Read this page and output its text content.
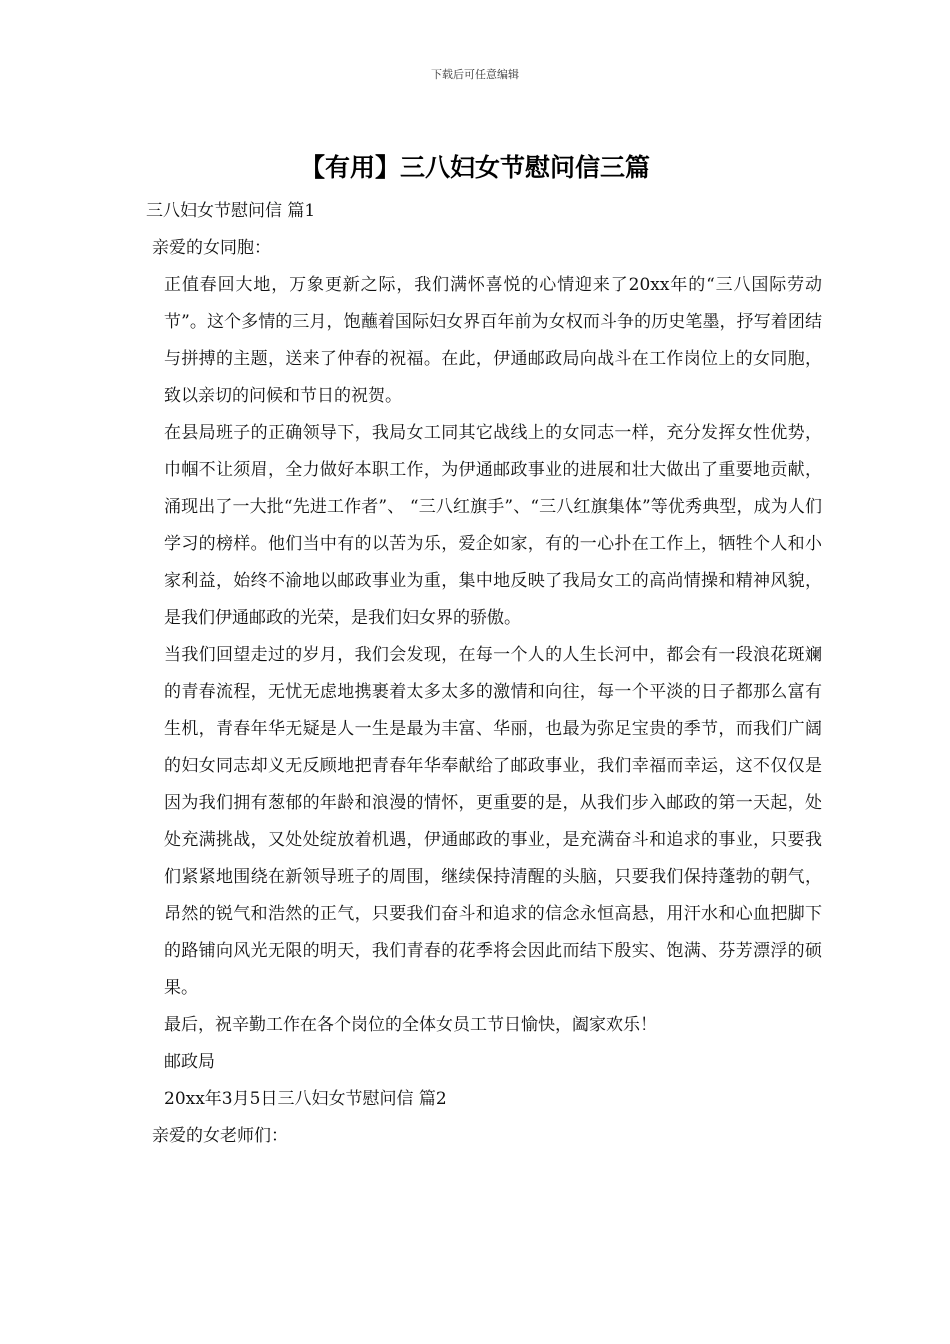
下载后可任意编辑
【有用】三八妇女节慰问信三篇

三八妇女节慰问信 篇1

亲爱的女同胞：

正值春回大地，万象更新之际，我们满怀喜悦的心情迎来了20xx年的“三八国际劳动节”。这个多情的三月，饱蘸着国际妇女界百年前为女权而斗争的历史笔墨，抒写着团结与拼搏的主题，送来了仲春的祝福。在此，伊通邮政局向战斗在工作岗位上的女同胞，致以亲切的问候和节日的祝贺。

在县局班子的正确领导下，我局女工同其它战线上的女同志一样，充分发挥女性优势，巾帼不让须眉，全力做好本职工作，为伊通邮政事业的进展和壮大做出了重要地贡献，涌现出了一大批“先进工作者”、 “三八红旗手”、“三八红旗集体”等优秀典型，成为人们学习的榜样。他们当中有的以苦为乐，爱企如家，有的一心扑在工作上，牺牲个人和小家利益，始终不渝地以邮政事业为重，集中地反映了我局女工的高尚情操和精神风貌，是我们伊通邮政的光荣，是我们妇女界的骄傲。

当我们回望走过的岁月，我们会发现，在每一个人的人生长河中，都会有一段浪花斑斓的青春流程，无忧无虑地携裹着太多太多的激情和向往，每一个平淡的日子都那么富有生机，青春年华无疑是人一生是最为丰富、华丽，也最为弥足宝贵的季节，而我们广阔的妇女同志却义无反顾地把青春年华奉献给了邮政事业，我们幸福而幸运，这不仅仅是因为我们拥有葱郁的年龄和浪漫的情怀，更重要的是，从我们步入邮政的第一天起，处处充满挑战，又处处绽放着机遇，伊通邮政的事业，是充满奋斗和追求的事业，只要我们紧紧地围绕在新领导班子的周围，继续保持清醒的头脑，只要我们保持蓬勃的朝气，昂然的锐气和浩然的正气，只要我们奋斗和追求的信念永恒高悬，用汗水和心血把脚下的路铺向风光无限的明天，我们青春的花季将会因此而结下殷实、饱满、芬芳漂浮的硕果。

最后，祝辛勤工作在各个岗位的全体女员工节日愉快，阖家欢乐！

邮政局

20xx年3月5日三八妇女节慰问信 篇2

亲爱的女老师们：
